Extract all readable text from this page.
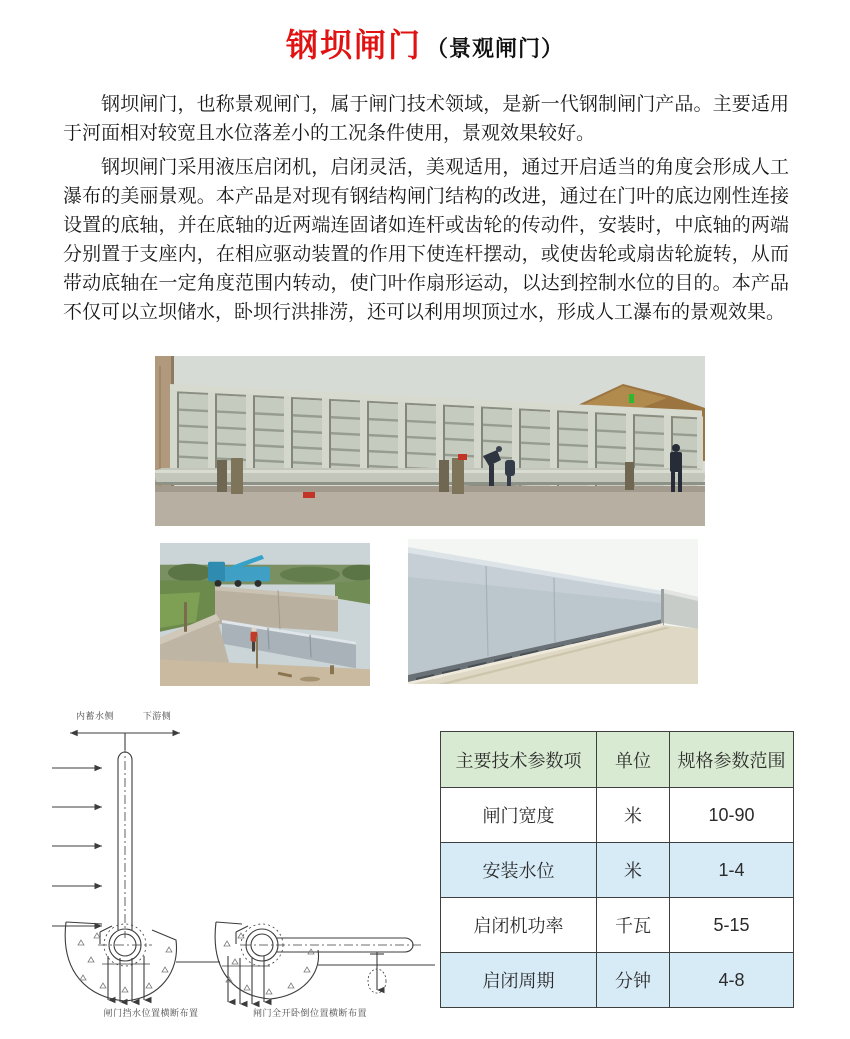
钢坝闸门 （景观闸门）

钢坝闸门，也称景观闸门，属于闸门技术领域，是新一代钢制闸门产品。主要适用于河面相对较宽且水位落差小的工况条件使用，景观效果较好。

钢坝闸门采用液压启闭机，启闭灵活，美观适用，通过开启适当的角度会形成人工瀑布的美丽景观。本产品是对现有钢结构闸门结构的改进，通过在门叶的底边刚性连接设置的底轴，并在底轴的近两端连固诸如连杆或齿轮的传动件，安装时，中底轴的两端分别置于支座内，在相应驱动装置的作用下使连杆摆动，或使齿轮或扇齿轮旋转，从而带动底轴在一定角度范围内转动，使门叶作扇形运动，以达到控制水位的目的。本产品不仅可以立坝储水，卧坝行洪排涝，还可以利用坝顶过水，形成人工瀑布的景观效果。

内蓄水侧	下游侧
闸门挡水位置横断布置	闸门全开卧倒位置横断布置
主要技术参数项	单位	规格参数范围
闸门宽度	米	10-90
安装水位	米	1-4
启闭机功率	千瓦	5-15
启闭周期	分钟	4-8
